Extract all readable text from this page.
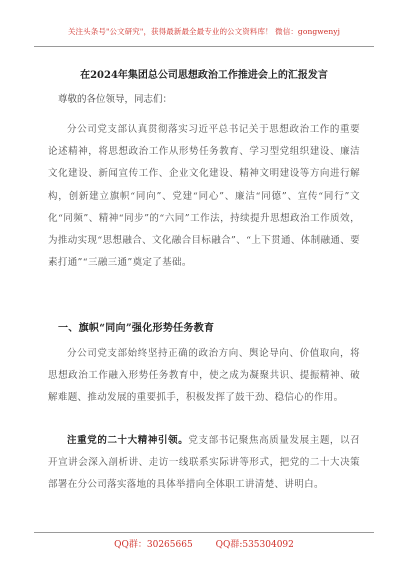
关注头条号"公文研究"，获得最新最全最专业的公文资料库！ 微信：gongwenyj
在2024年集团总公司思想政治工作推进会上的汇报发言
尊敬的各位领导，同志们：

分公司党支部认真贯彻落实习近平总书记关于思想政治工作的重要论述精神，将思想政治工作从形势任务教育、学习型党组织建设、廉洁文化建设、新闻宣传工作、企业文化建设、精神文明建设等方向进行解构，创新建立旗帜“同向”、党建“同心”、廉洁“同德”、宣传“同行”文化“同频”、精神“同步”的“六同”工作法，持续提升思想政治工作质效，为推动实现“思想融合、文化融合目标融合”、“上下贯通、体制融通、要素打通”“三融三通”奠定了基础。

一、旗帜“同向”强化形势任务教育

分公司党支部始终坚持正确的政治方向、舆论导向、价值取向，将思想政治工作融入形势任务教育中，使之成为凝聚共识、提振精神、破解难题、推动发展的重要抓手，积极发挥了鼓干劲、稳信心的作用。

注重党的二十大精神引领。党支部书记聚焦高质量发展主题，以召开宣讲会深入剖析讲、走访一线联系实际讲等形式，把党的二十大决策部署在分公司落实落地的具体举措向全体职工讲清楚、讲明白。

QQ群：30265665	QQ群:535304092
